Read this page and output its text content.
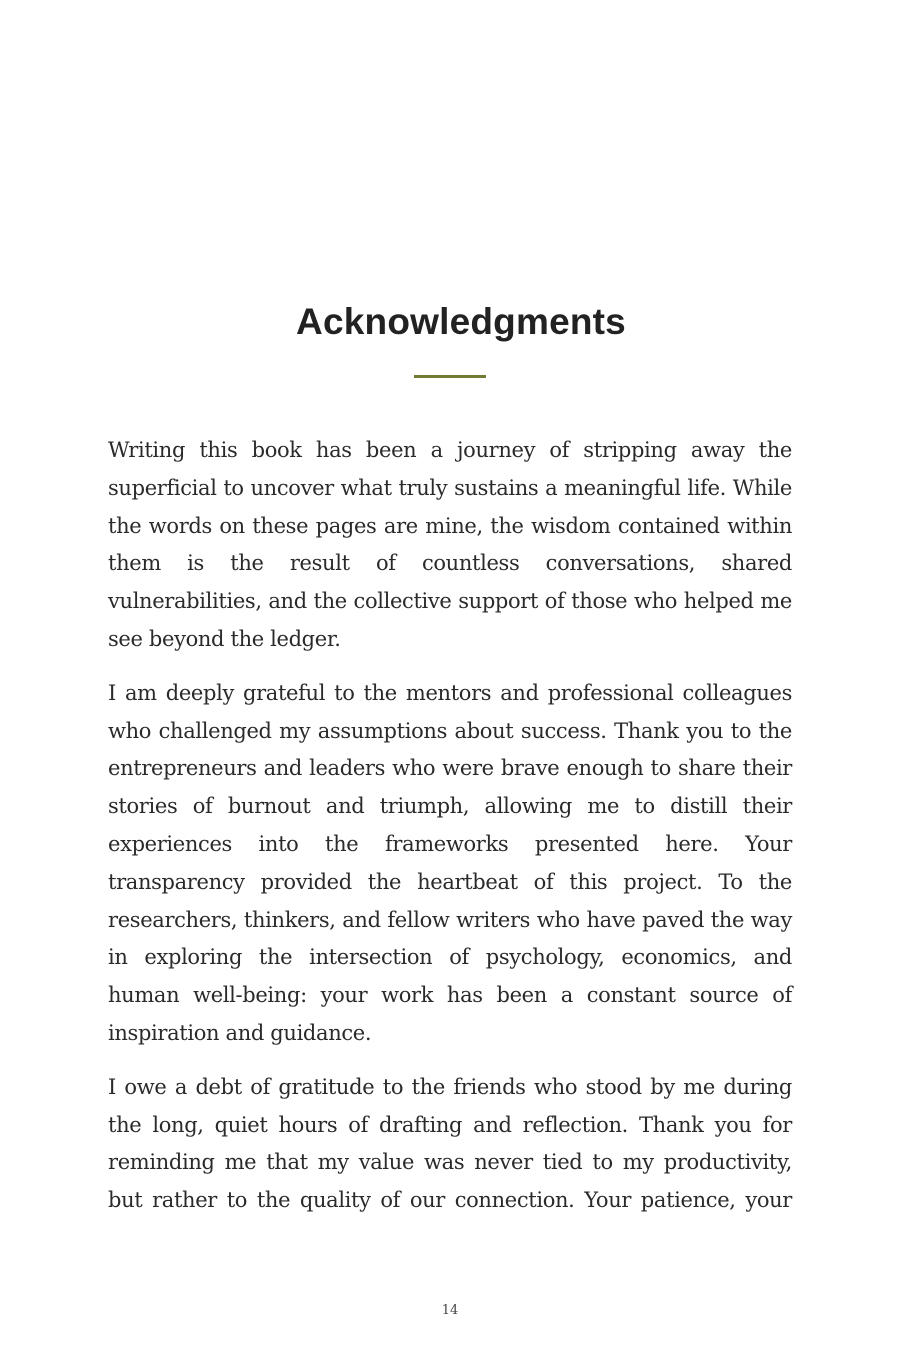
Acknowledgments

Writing this book has been a journey of stripping away the superficial to uncover what truly sustains a meaningful life. While the words on these pages are mine, the wisdom contained within them is the result of countless conversations, shared vulnerabilities, and the collective support of those who helped me see beyond the ledger.

I am deeply grateful to the mentors and professional colleagues who challenged my assumptions about success. Thank you to the entrepreneurs and leaders who were brave enough to share their stories of burnout and triumph, allowing me to distill their experiences into the frameworks presented here. Your transparency provided the heartbeat of this project. To the researchers, thinkers, and fellow writers who have paved the way in exploring the intersection of psychology, economics, and human well-being: your work has been a constant source of inspiration and guidance.

I owe a debt of gratitude to the friends who stood by me during the long, quiet hours of drafting and reflection. Thank you for reminding me that my value was never tied to my productivity, but rather to the quality of our connection. Your patience, your

14
